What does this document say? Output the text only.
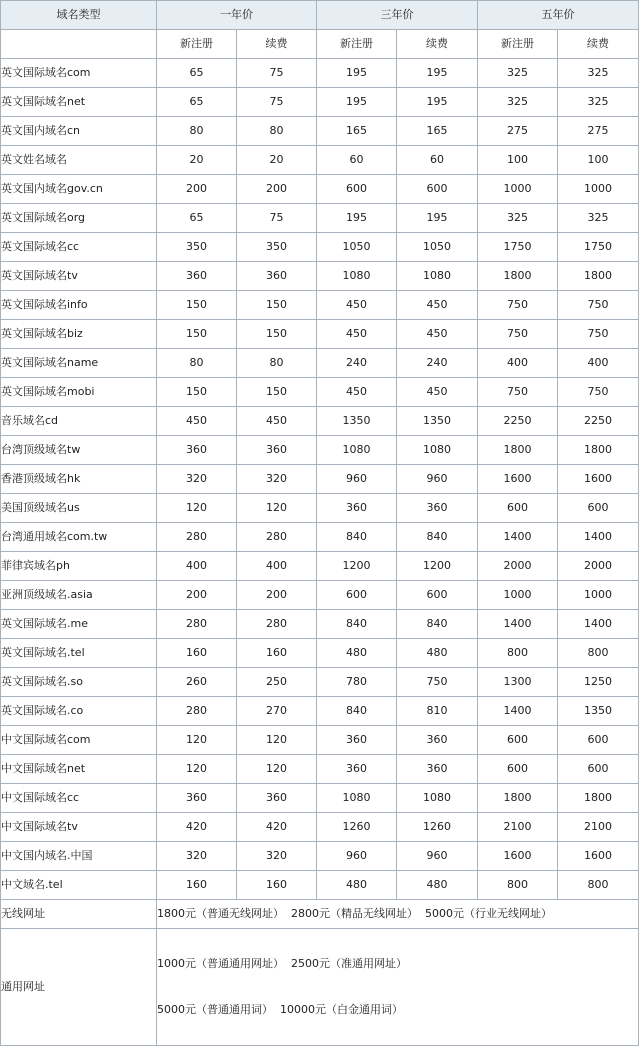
域名类型	一年价		三年价		五年价	
	新注册	续费	新注册	续费	新注册	续费
英文国际域名com	65	75	195	195	325	325
英文国际域名net	65	75	195	195	325	325
英文国内域名cn	80	80	165	165	275	275
英文姓名域名	20	20	60	60	100	100
英文国内域名gov.cn	200	200	600	600	1000	1000
英文国际域名org	65	75	195	195	325	325
英文国际域名cc	350	350	1050	1050	1750	1750
英文国际域名tv	360	360	1080	1080	1800	1800
英文国际域名info	150	150	450	450	750	750
英文国际域名biz	150	150	450	450	750	750
英文国际域名name	80	80	240	240	400	400
英文国际域名mobi	150	150	450	450	750	750
音乐域名cd	450	450	1350	1350	2250	2250
台湾顶级域名tw	360	360	1080	1080	1800	1800
香港顶级域名hk	320	320	960	960	1600	1600
美国顶级域名us	120	120	360	360	600	600
台湾通用域名com.tw	280	280	840	840	1400	1400
菲律宾域名ph	400	400	1200	1200	2000	2000
亚洲顶级域名.asia	200	200	600	600	1000	1000
英文国际域名.me	280	280	840	840	1400	1400
英文国际域名.tel	160	160	480	480	800	800
英文国际域名.so	260	250	780	750	1300	1250
英文国际域名.co	280	270	840	810	1400	1350
中文国际域名com	120	120	360	360	600	600
中文国际域名net	120	120	360	360	600	600
中文国际域名cc	360	360	1080	1080	1800	1800
中文国际域名tv	420	420	1260	1260	2100	2100
中文国内域名.中国	320	320	960	960	1600	1600
中文域名.tel	160	160	480	480	800	800
无线网址	1800元（普通无线网址）  2800元（精品无线网址）  5000元（行业无线网址）					
通用网址	1000元（普通通用网址）  2500元（准通用网址）

5000元（普通通用词）  10000元（白金通用词）					
